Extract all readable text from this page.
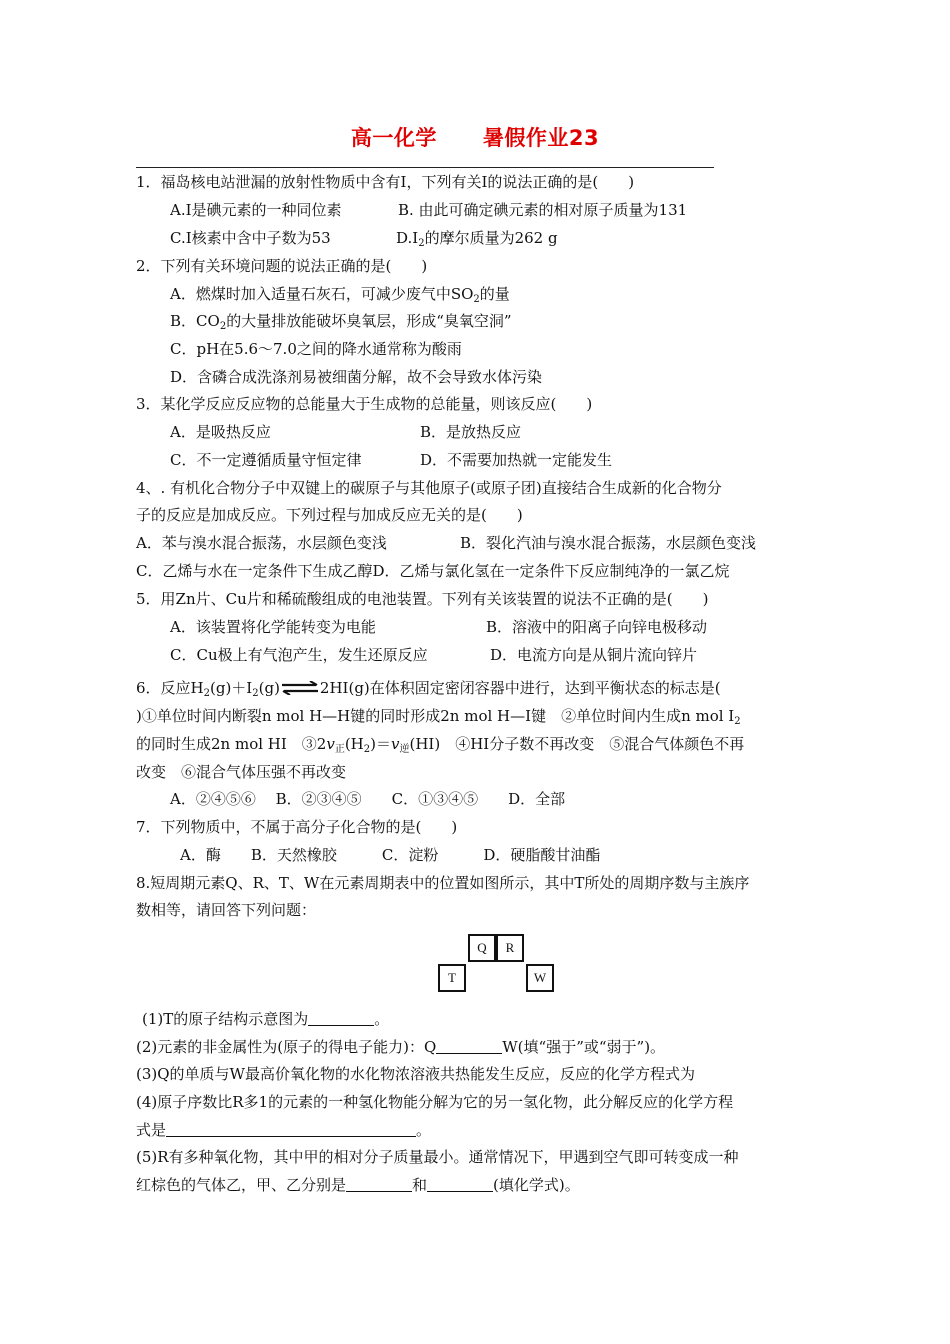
高一化学 暑假作业23
1．福岛核电站泄漏的放射性物质中含有I，下列有关I的说法正确的是(　　)
A.I是碘元素的一种同位素	B. 由此可确定碘元素的相对原子质量为131
C.I核素中含中子数为53	$D.I_2$的摩尔质量为262 g
2．下列有关环境问题的说法正确的是(　　)
A．燃煤时加入适量石灰石，可减少废气中$SO_2$的量
B．$CO_2$的大量排放能破坏臭氧层，形成“臭氧空洞”
C．pH在5.6～7.0之间的降水通常称为酸雨
D．含磷合成洗涤剂易被细菌分解，故不会导致水体污染
3．某化学反应反应物的总能量大于生成物的总能量，则该反应(　　)
A．是吸热反应	B．是放热反应
C．不一定遵循质量守恒定律	D．不需要加热就一定能发生
4、. 有机化合物分子中双键上的碳原子与其他原子(或原子团)直接结合生成新的化合物分
子的反应是加成反应。下列过程与加成反应无关的是(　　)
A．苯与溴水混合振荡，水层颜色变浅	B．裂化汽油与溴水混合振荡，水层颜色变浅
C．乙烯与水在一定条件下生成乙醇D．乙烯与氯化氢在一定条件下反应制纯净的一氯乙烷
5．用Zn片、Cu片和稀硫酸组成的电池装置。下列有关该装置的说法不正确的是(　　)
A．该装置将化学能转变为电能	B．溶液中的阳离子向锌电极移动
C．Cu极上有气泡产生，发生还原反应	D．电流方向是从铜片流向锌片
6．反应$H_2(g)+I_2(g)\rightleftharpoons 2HI(g)$在体积固定密闭容器中进行，达到平衡状态的标志是(
)①单位时间内断裂n mol H—H键的同时形成2n mol H—I键　②单位时间内生成n mol $I_2$
的同时生成2n mol HI　$③2v_正(H_2)=v_逆(HI)$　④HI分子数不再改变　⑤混合气体颜色不再
改变　⑥混合气体压强不再改变
A．②④⑤⑥　 B．②③④⑤　　C．①③④⑤　　D．全部
7．下列物质中，不属于高分子化合物的是(　　)
A．酶　　B．天然橡胶　　　C．淀粉　　　D．硬脂酸甘油酯
8.短周期元素Q、R、T、W在元素周期表中的位置如图所示，其中T所处的周期序数与主族序
数相等，请回答下列问题：
Q	R
T	W
(1)T的原子结构示意图为	。
(2)元素的非金属性为(原子的得电子能力)：Q	W(填“强于”或“弱于”)。
(3)Q的单质与W最高价氧化物的水化物浓溶液共热能发生反应，反应的化学方程式为
(4)原子序数比R多1的元素的一种氢化物能分解为它的另一氢化物，此分解反应的化学方程
式是	。
(5)R有多种氧化物，其中甲的相对分子质量最小。通常情况下，甲遇到空气即可转变成一种
红棕色的气体乙，甲、乙分别是	和	(填化学式)。
